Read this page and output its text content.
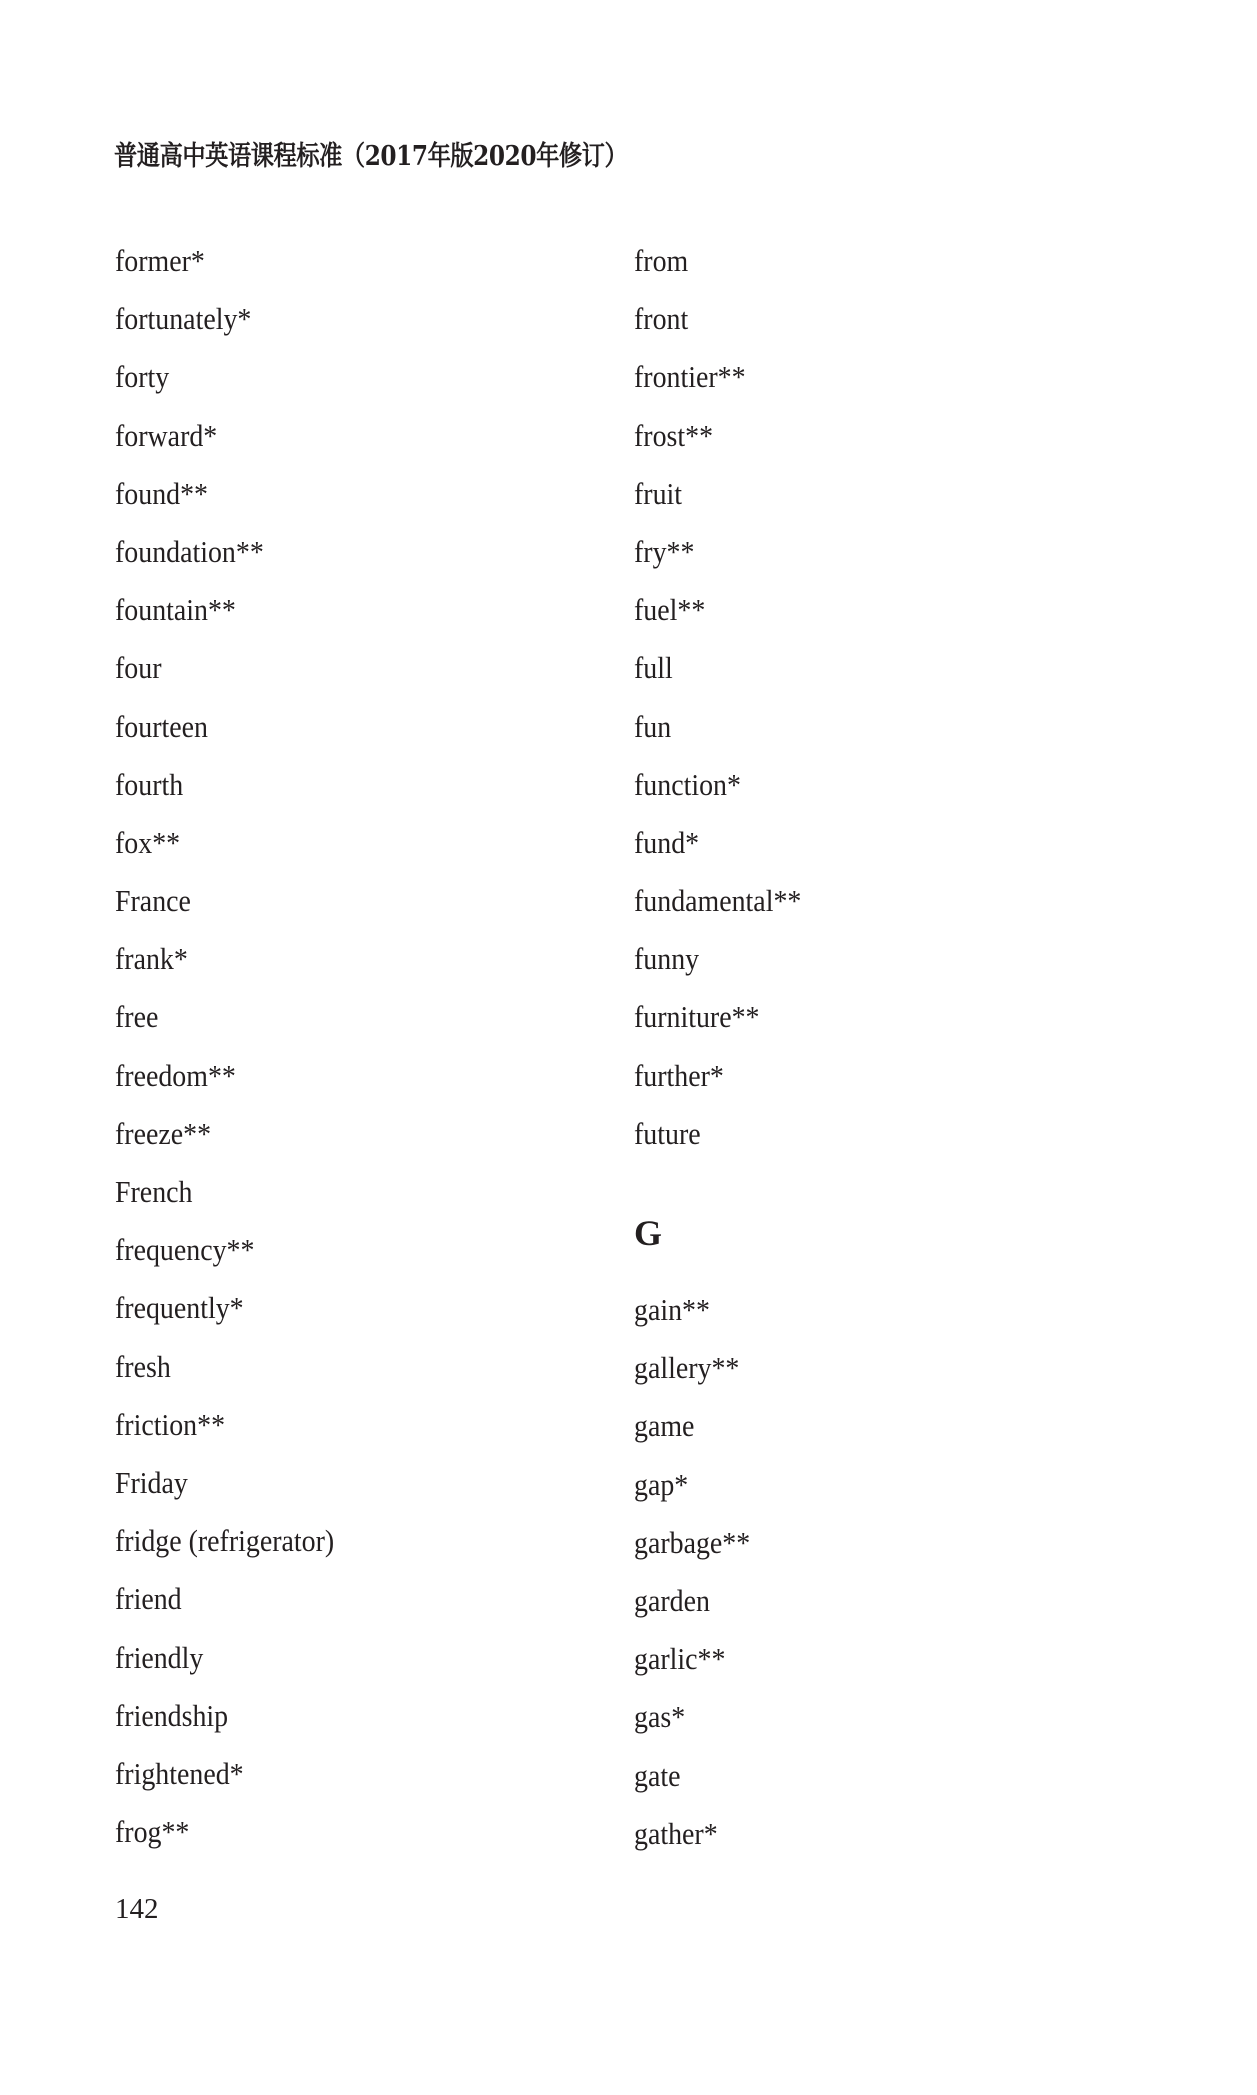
普通高中英语课程标准（2017年版2020年修订）
former*
fortunately*
forty
forward*
found**
foundation**
fountain**
four
fourteen
fourth
fox**
France
frank*
free
freedom**
freeze**
French
frequency**
frequently*
fresh
friction**
Friday
fridge (refrigerator)
friend
friendly
friendship
frightened*
frog**
from
front
frontier**
frost**
fruit
fry**
fuel**
full
fun
function*
fund*
fundamental**
funny
furniture**
further*
future
G
gain**
gallery**
game
gap*
garbage**
garden
garlic**
gas*
gate
gather*
142
